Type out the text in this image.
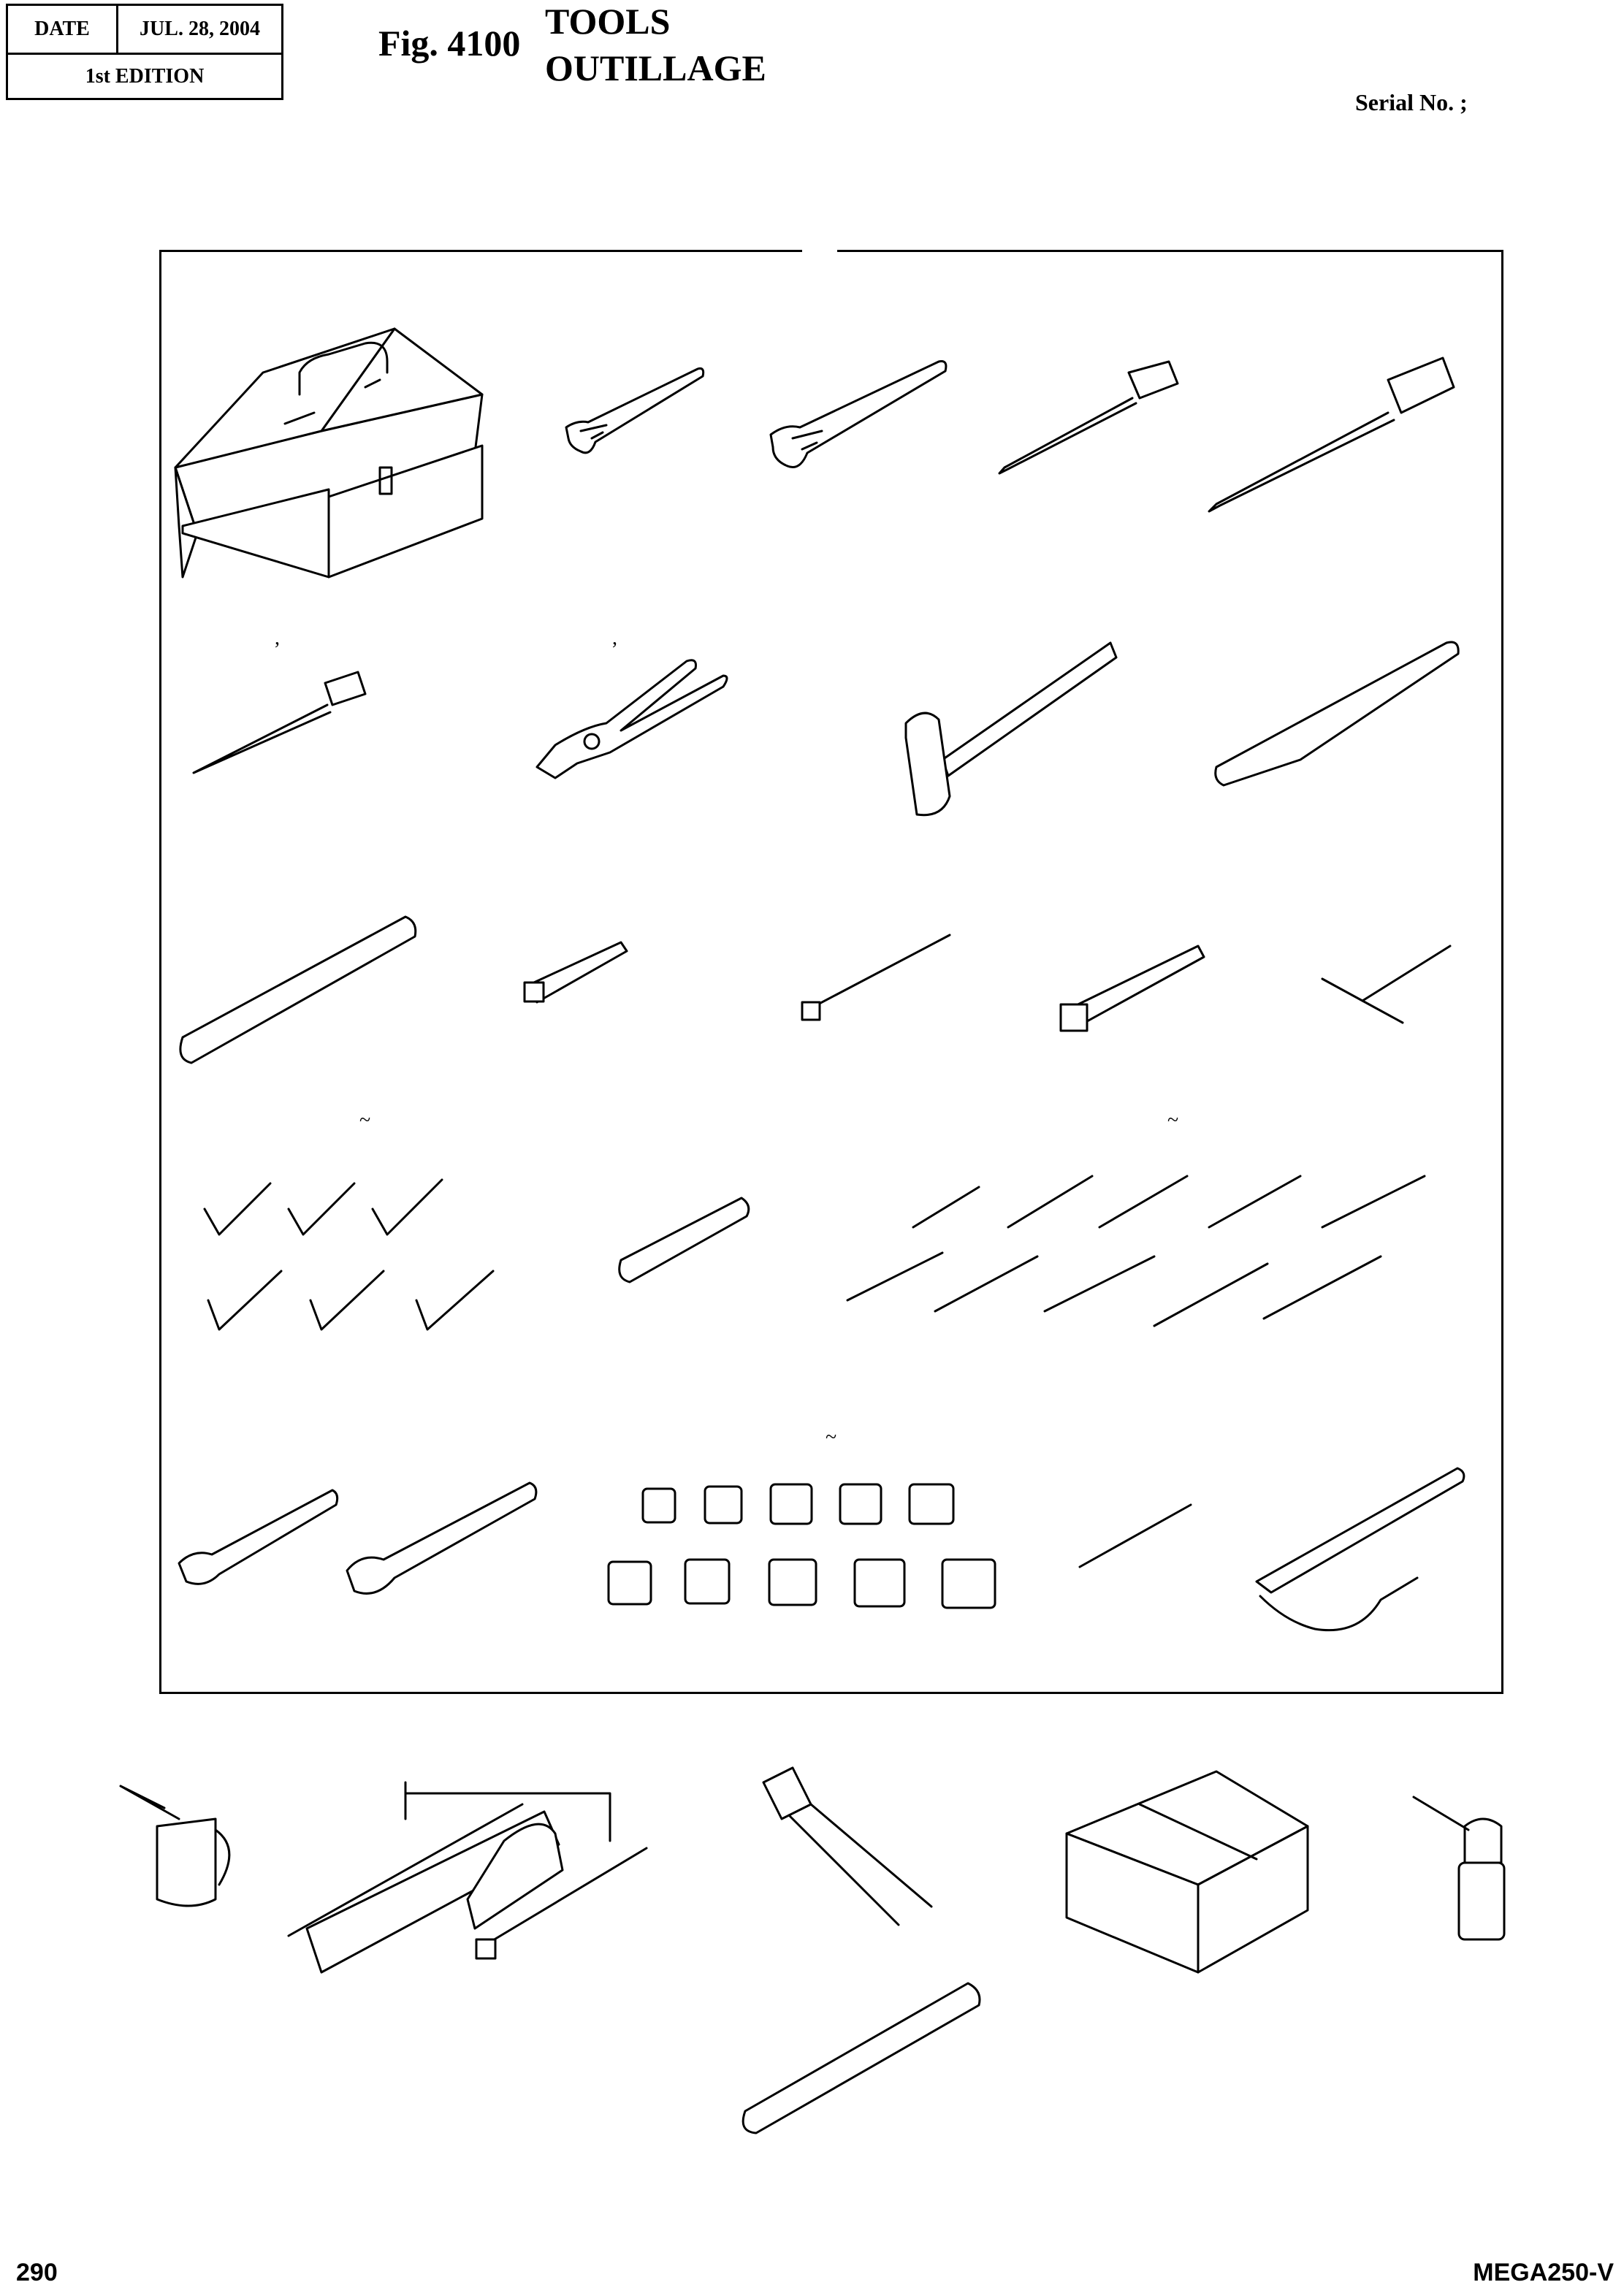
DATE	JUL. 28, 2004
1st EDITION
Fig. 4100
TOOLS
OUTILLAGE
Serial No. ;
,	,
~	~
~
290	MEGA250-V
